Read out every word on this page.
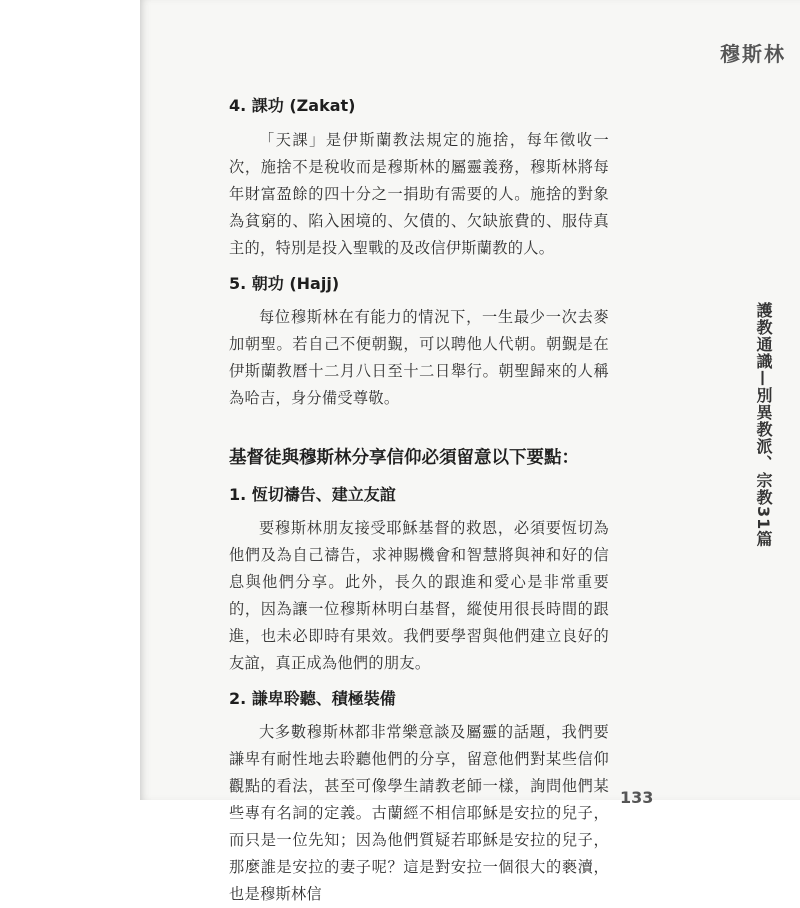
穆斯林
護教通識—別異教派、宗教31篇
4. 課功 (Zakat)

「天課」是伊斯蘭教法規定的施捨，每年徵收一次，施捨不是稅收而是穆斯林的屬靈義務，穆斯林將每年財富盈餘的四十分之一捐助有需要的人。施捨的對象為貧窮的、陷入困境的、欠債的、欠缺旅費的、服侍真主的，特別是投入聖戰的及改信伊斯蘭教的人。

5. 朝功 (Hajj)

每位穆斯林在有能力的情況下，一生最少一次去麥加朝聖。若自己不便朝覲，可以聘他人代朝。朝覲是在伊斯蘭教曆十二月八日至十二日舉行。朝聖歸來的人稱為哈吉，身分備受尊敬。

基督徒與穆斯林分享信仰必須留意以下要點：
1. 恆切禱告、建立友誼

要穆斯林朋友接受耶穌基督的救恩，必須要恆切為他們及為自己禱告，求神賜機會和智慧將與神和好的信息與他們分享。此外，長久的跟進和愛心是非常重要的，因為讓一位穆斯林明白基督，縱使用很長時間的跟進，也未必即時有果效。我們要學習與他們建立良好的友誼，真正成為他們的朋友。

2. 謙卑聆聽、積極裝備

大多數穆斯林都非常樂意談及屬靈的話題，我們要謙卑有耐性地去聆聽他們的分享，留意他們對某些信仰觀點的看法，甚至可像學生請教老師一樣，詢問他們某些專有名詞的定義。古蘭經不相信耶穌是安拉的兒子，而只是一位先知；因為他們質疑若耶穌是安拉的兒子，那麼誰是安拉的妻子呢？這是對安拉一個很大的褻瀆，也是穆斯林信

133
